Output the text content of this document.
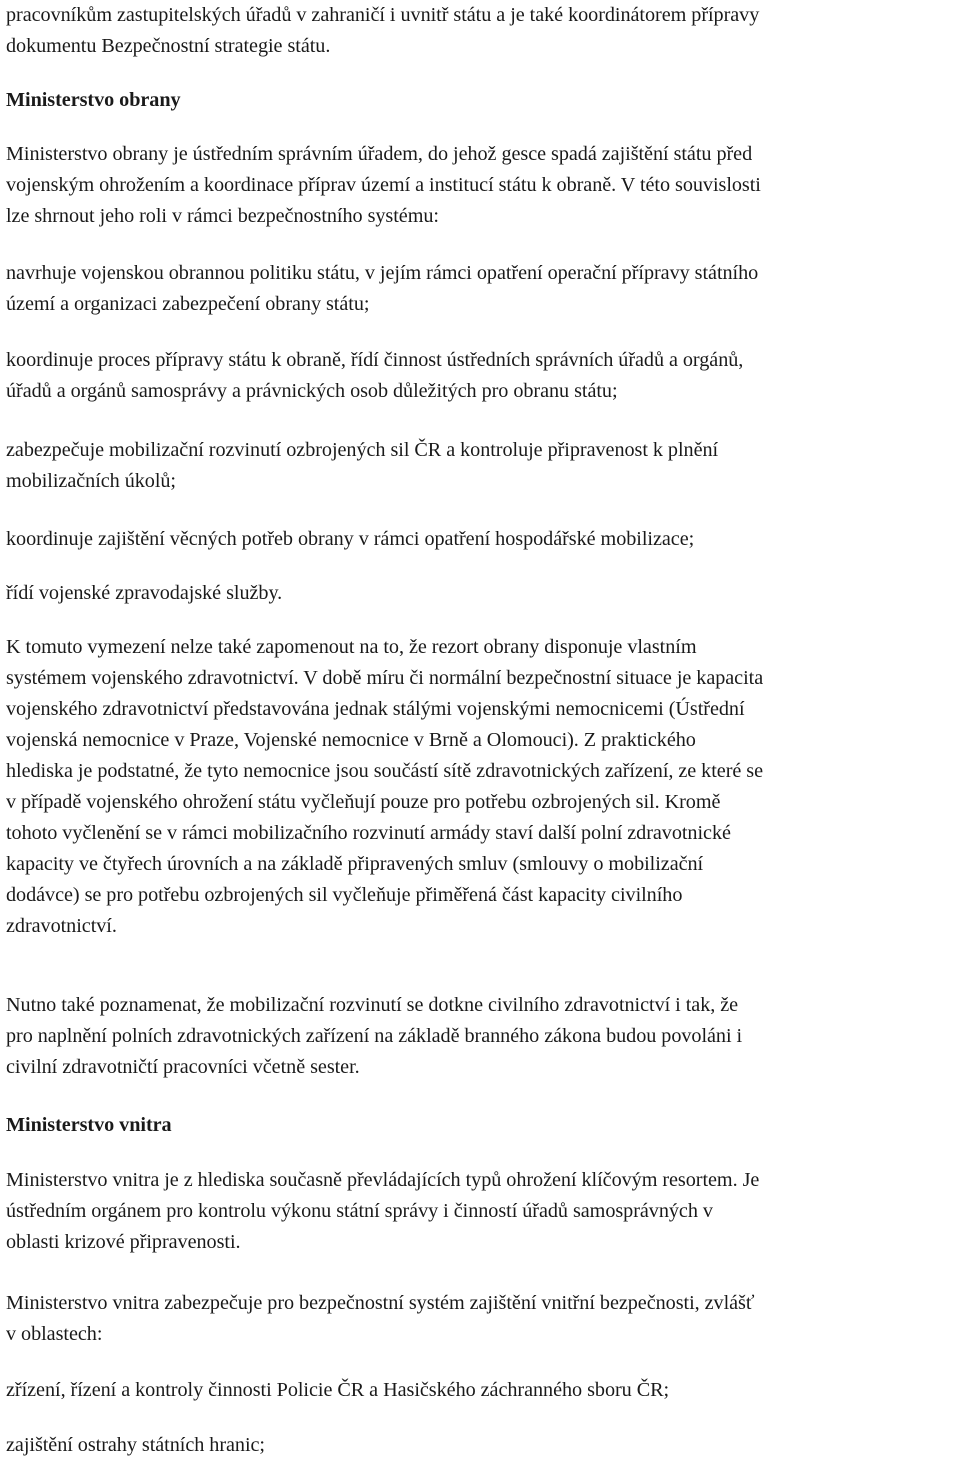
pracovníkům zastupitelských úřadů v zahraničí i uvnitř státu a je také koordinátorem přípravy
dokumentu Bezpečnostní strategie státu.
Ministerstvo obrany
Ministerstvo obrany je ústředním správním úřadem, do jehož gesce spadá zajištění státu před
vojenským ohrožením a koordinace příprav území a institucí státu k obraně. V této souvislosti
lze shrnout jeho roli v rámci bezpečnostního systému:
navrhuje vojenskou obrannou politiku státu, v jejím rámci opatření operační přípravy státního
území a organizaci zabezpečení obrany státu;
koordinuje proces přípravy státu k obraně, řídí činnost ústředních správních úřadů a orgánů,
úřadů a orgánů samosprávy a právnických osob důležitých pro obranu státu;
zabezpečuje mobilizační rozvinutí ozbrojených sil ČR a kontroluje připravenost k plnění
mobilizačních úkolů;
koordinuje zajištění věcných potřeb obrany v rámci opatření hospodářské mobilizace;
řídí vojenské zpravodajské služby.
K tomuto vymezení nelze také zapomenout na to, že rezort obrany disponuje vlastním
systémem vojenského zdravotnictví. V době míru či normální bezpečnostní situace je kapacita
vojenského zdravotnictví představována jednak stálými vojenskými nemocnicemi (Ústřední
vojenská nemocnice v Praze, Vojenské nemocnice v Brně a Olomouci). Z praktického
hlediska je podstatné, že tyto nemocnice jsou součástí sítě zdravotnických zařízení, ze které se
v případě vojenského ohrožení státu vyčleňují pouze pro potřebu ozbrojených sil. Kromě
tohoto vyčlenění se v rámci mobilizačního rozvinutí armády staví další polní zdravotnické
kapacity ve čtyřech úrovních a na základě připravených smluv (smlouvy o mobilizační
dodávce) se pro potřebu ozbrojených sil vyčleňuje přiměřená část kapacity civilního
zdravotnictví.
Nutno také poznamenat, že mobilizační rozvinutí se dotkne civilního zdravotnictví i tak, že
pro naplnění polních zdravotnických zařízení na základě branného zákona budou povoláni i
civilní zdravotničtí pracovníci včetně sester.
Ministerstvo vnitra
Ministerstvo vnitra je z hlediska současně převládajících typů ohrožení klíčovým resortem. Je
ústředním orgánem pro kontrolu výkonu státní správy i činností úřadů samosprávných v
oblasti krizové připravenosti.
Ministerstvo vnitra zabezpečuje pro bezpečnostní systém zajištění vnitřní bezpečnosti, zvlášť
v oblastech:
zřízení, řízení a kontroly činnosti Policie ČR a Hasičského záchranného sboru ČR;
zajištění ostrahy státních hranic;
